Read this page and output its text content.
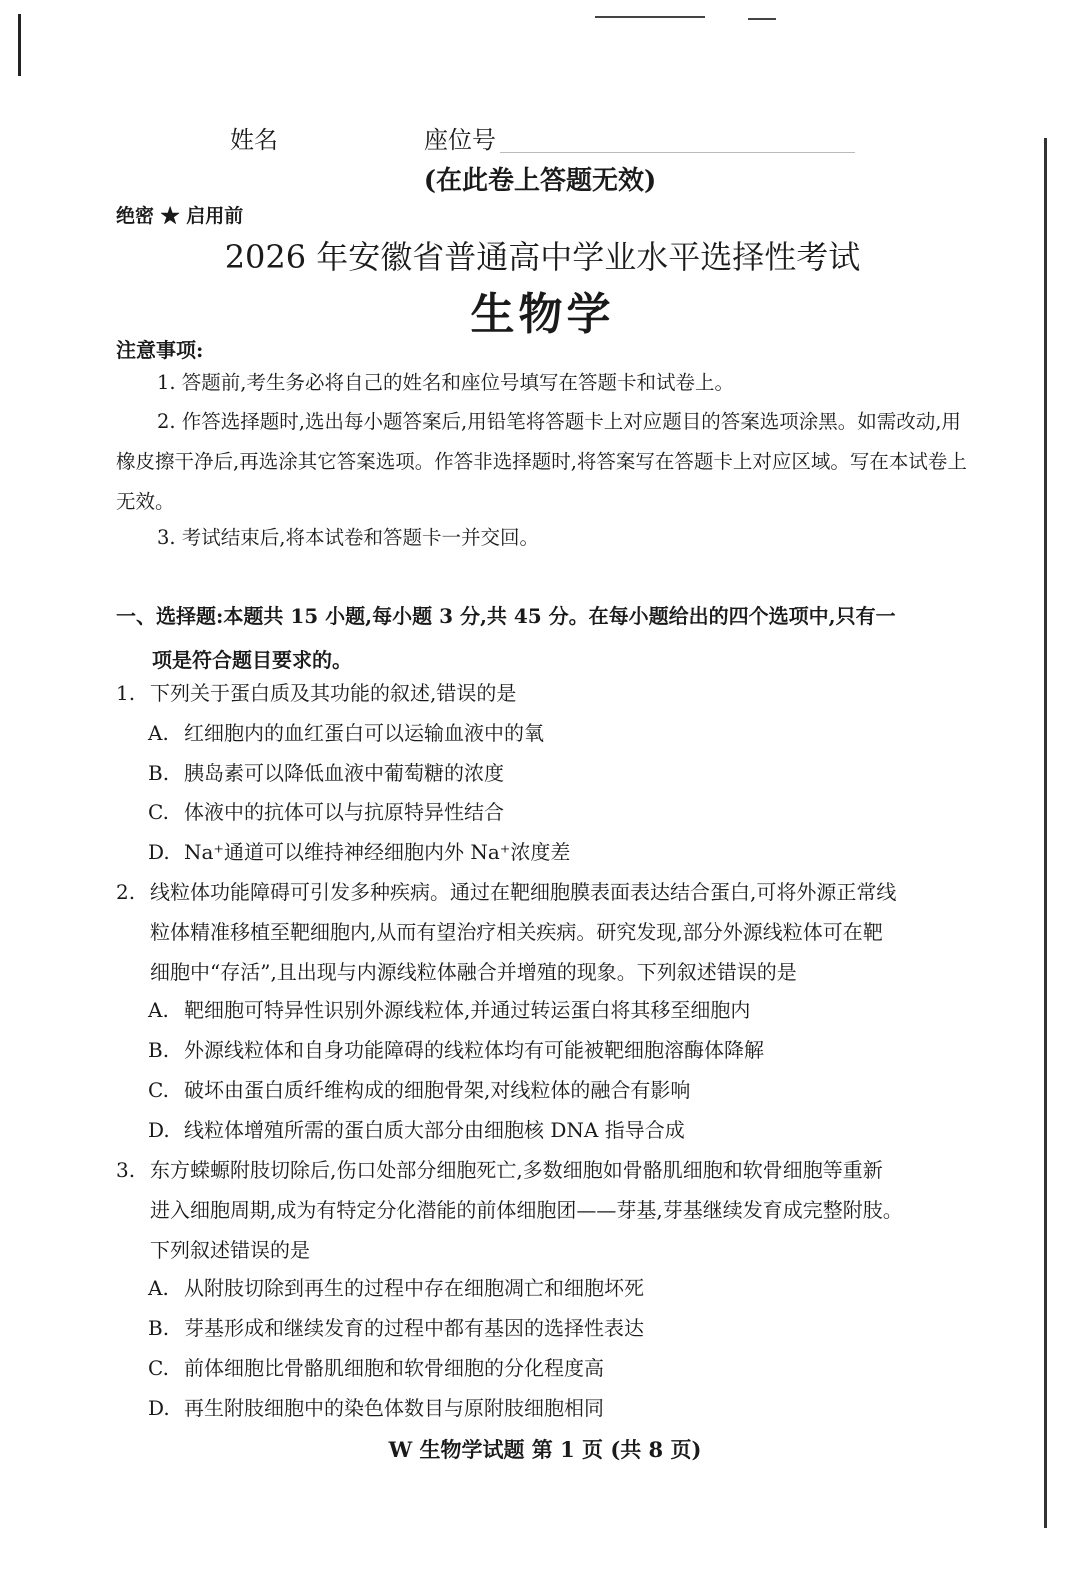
姓名	座位号
(在此卷上答题无效)
绝密 ★ 启用前
2026 年安徽省普通高中学业水平选择性考试
生物学
注意事项:

1. 答题前,考生务必将自己的姓名和座位号填写在答题卡和试卷上。

2. 作答选择题时,选出每小题答案后,用铅笔将答题卡上对应题目的答案选项涂黑。如需改动,用橡皮擦干净后,再选涂其它答案选项。作答非选择题时,将答案写在答题卡上对应区域。写在本试卷上无效。

3. 考试结束后,将本试卷和答题卡一并交回。

一、选择题:本题共 15 小题,每小题 3 分,共 45 分。在每小题给出的四个选项中,只有一
项是符合题目要求的。
1. 下列关于蛋白质及其功能的叙述,错误的是
A. 红细胞内的血红蛋白可以运输血液中的氧
B. 胰岛素可以降低血液中葡萄糖的浓度
C. 体液中的抗体可以与抗原特异性结合
D. Na⁺通道可以维持神经细胞内外 Na⁺浓度差
2. 线粒体功能障碍可引发多种疾病。通过在靶细胞膜表面表达结合蛋白,可将外源正常线
粒体精准移植至靶细胞内,从而有望治疗相关疾病。研究发现,部分外源线粒体可在靶
细胞中“存活”,且出现与内源线粒体融合并增殖的现象。下列叙述错误的是
A. 靶细胞可特异性识别外源线粒体,并通过转运蛋白将其移至细胞内
B. 外源线粒体和自身功能障碍的线粒体均有可能被靶细胞溶酶体降解
C. 破坏由蛋白质纤维构成的细胞骨架,对线粒体的融合有影响
D. 线粒体增殖所需的蛋白质大部分由细胞核 DNA 指导合成
3. 东方蝾螈附肢切除后,伤口处部分细胞死亡,多数细胞如骨骼肌细胞和软骨细胞等重新
进入细胞周期,成为有特定分化潜能的前体细胞团——芽基,芽基继续发育成完整附肢。
下列叙述错误的是
A. 从附肢切除到再生的过程中存在细胞凋亡和细胞坏死
B. 芽基形成和继续发育的过程中都有基因的选择性表达
C. 前体细胞比骨骼肌细胞和软骨细胞的分化程度高
D. 再生附肢细胞中的染色体数目与原附肢细胞相同
W 生物学试题 第 1 页 (共 8 页)
